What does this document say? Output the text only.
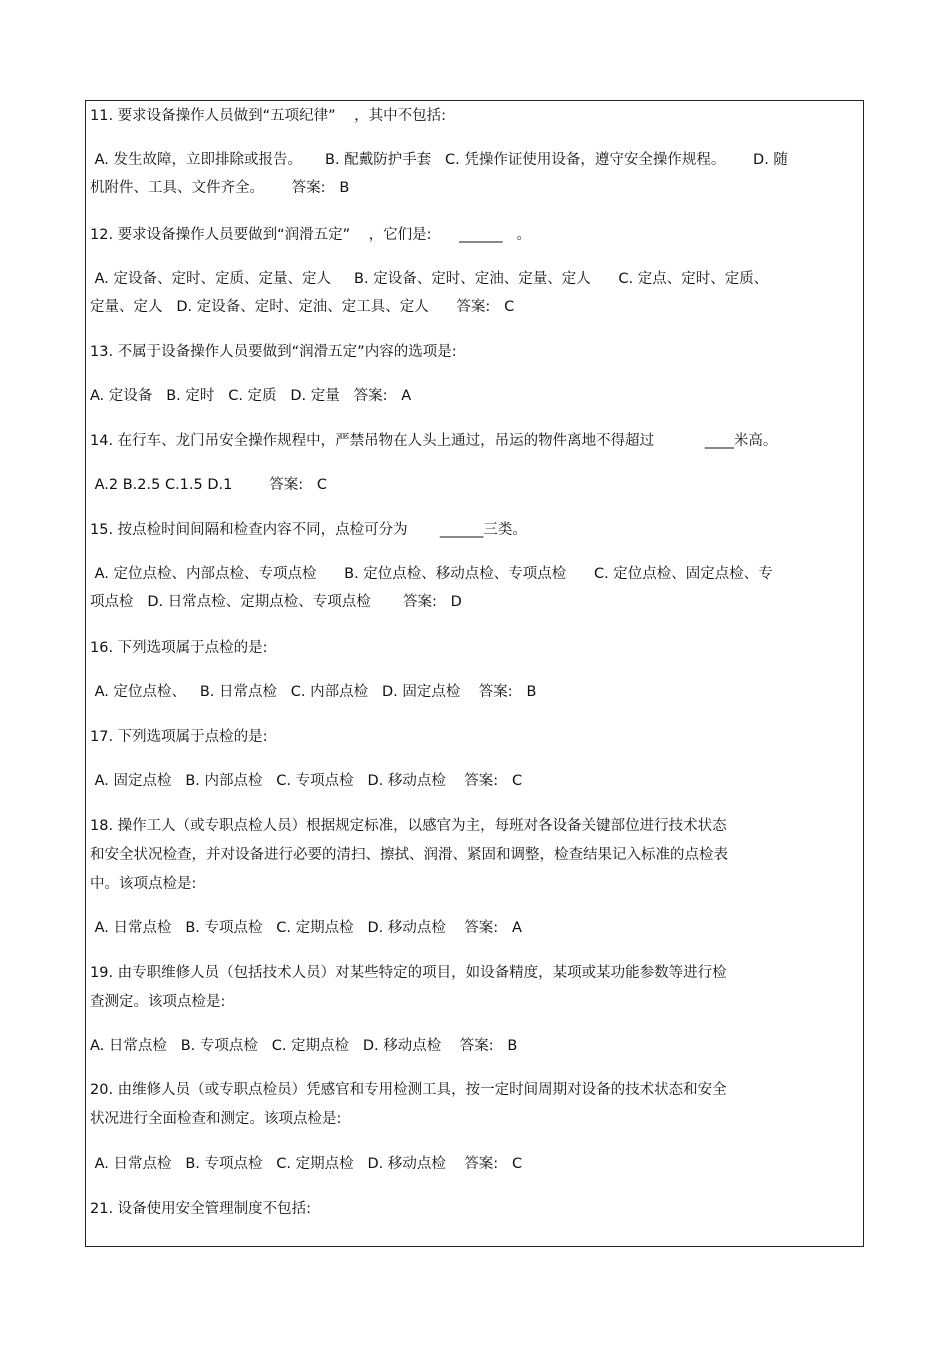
11. 要求设备操作人员做到“五项纪律”    ，其中不包括:
A. 发生故障，立即排除或报告。     B. 配戴防护手套   C. 凭操作证使用设备，遵守安全操作规程。      D. 随
机附件、工具、文件齐全。      答案:   B
12. 要求设备操作人员要做到“润滑五定”    ，它们是:      ______   。
A. 定设备、定时、定质、定量、定人     B. 定设备、定时、定油、定量、定人      C. 定点、定时、定质、
定量、定人   D. 定设备、定时、定油、定工具、定人      答案:   C
13. 不属于设备操作人员要做到“润滑五定”内容的选项是:
A. 定设备   B. 定时   C. 定质   D. 定量   答案:   A
14. 在行车、龙门吊安全操作规程中，严禁吊物在人头上通过，吊运的物件离地不得超过           ____米高。
A.2 B.2.5 C.1.5 D.1        答案:   C
15. 按点检时间间隔和检查内容不同，点检可分为       ______三类。
A. 定位点检、内部点检、专项点检      B. 定位点检、移动点检、专项点检      C. 定位点检、固定点检、专
项点检   D. 日常点检、定期点检、专项点检       答案:   D
16. 下列选项属于点检的是:
A. 定位点检、   B. 日常点检   C. 内部点检   D. 固定点检    答案:   B
17. 下列选项属于点检的是:
A. 固定点检   B. 内部点检   C. 专项点检   D. 移动点检    答案:   C
18. 操作工人（或专职点检人员）根据规定标准，以感官为主，每班对各设备关键部位进行技术状态
和安全状况检查，并对设备进行必要的清扫、擦拭、润滑、紧固和调整，检查结果记入标准的点检表
中。该项点检是:
A. 日常点检   B. 专项点检   C. 定期点检   D. 移动点检    答案:   A
19. 由专职维修人员（包括技术人员）对某些特定的项目，如设备精度，某项或某功能参数等进行检
查测定。该项点检是:
A. 日常点检   B. 专项点检   C. 定期点检   D. 移动点检    答案:   B
20. 由维修人员（或专职点检员）凭感官和专用检测工具，按一定时间周期对设备的技术状态和安全
状况进行全面检查和测定。该项点检是:
A. 日常点检   B. 专项点检   C. 定期点检   D. 移动点检    答案:   C
21. 设备使用安全管理制度不包括:
